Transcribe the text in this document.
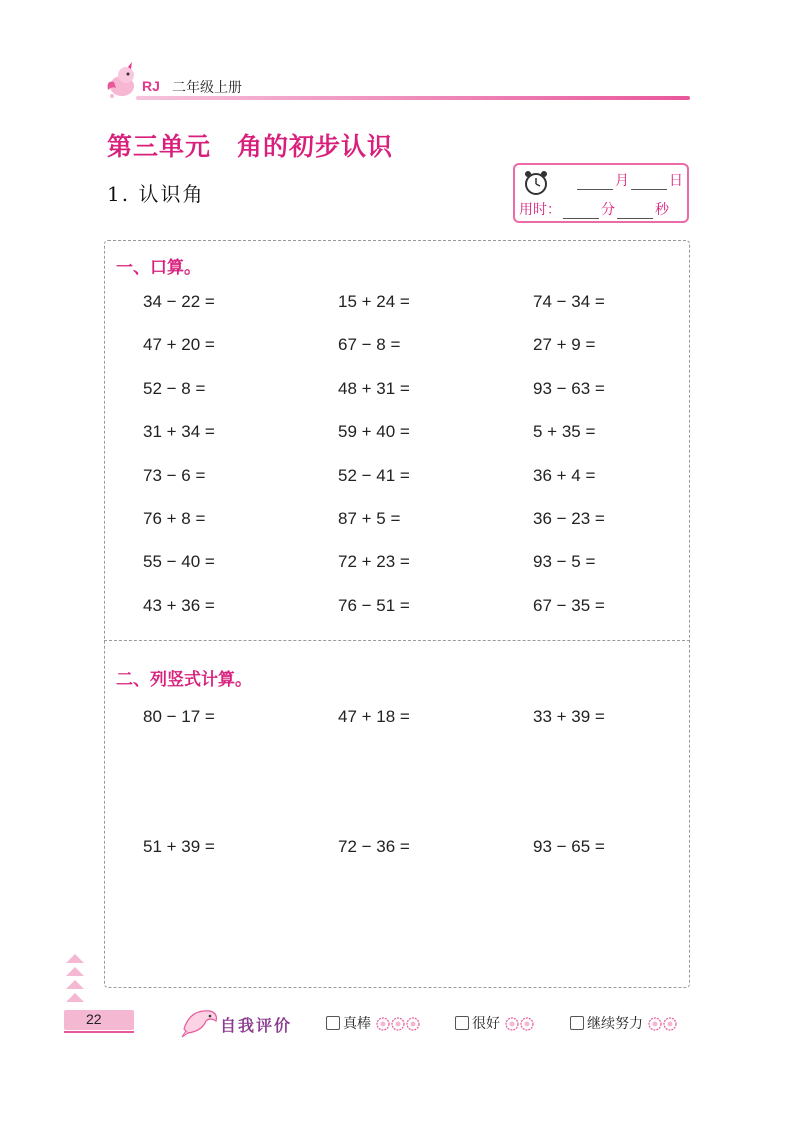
RJ 二年级上册
第三单元　角的初步认识
1. 认识角
月	日
用时：	分	秒
一、口算。
34 − 22 =	15 + 24 =	74 − 34 =
47 + 20 =	67 − 8 =	27 + 9 =
52 − 8 =	48 + 31 =	93 − 63 =
31 + 34 =	59 + 40 =	5 + 35 =
73 − 6 =	52 − 41 =	36 + 4 =
76 + 8 =	87 + 5 =	36 − 23 =
55 − 40 =	72 + 23 =	93 − 5 =
43 + 36 =	76 − 51 =	67 − 35 =
二、列竖式计算。
80 − 17 =	47 + 18 =	33 + 39 =
51 + 39 =	72 − 36 =	93 − 65 =
22	自我评价	真棒	很好	继续努力
